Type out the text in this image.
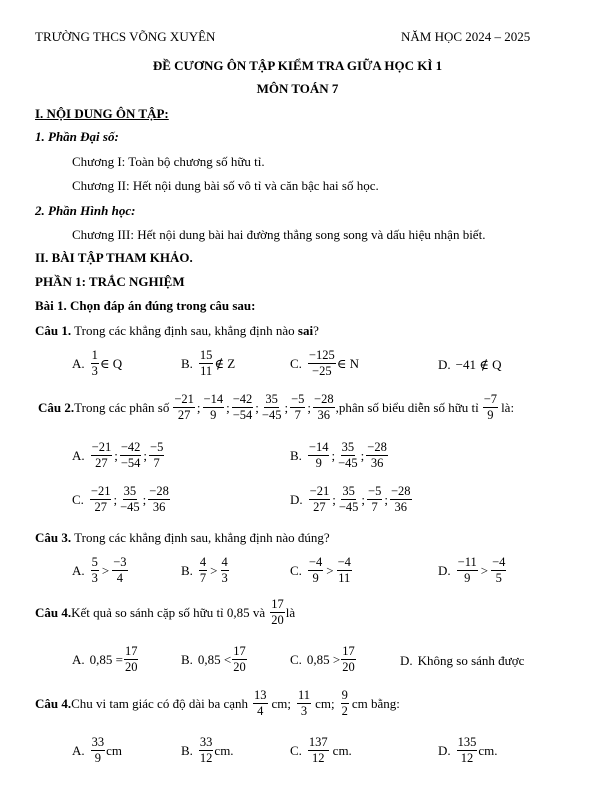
TRƯỜNG THCS VÕNG XUYÊN	NĂM HỌC 2024 – 2025
ĐỀ CƯƠNG ÔN TẬP KIỂM TRA GIỮA HỌC KÌ 1
MÔN TOÁN 7
I. NỘI DUNG ÔN TẬP:
1. Phần Đại số:
Chương I: Toàn bộ chương số hữu tỉ.
Chương II: Hết nội dung bài số vô tỉ và căn bậc hai số học.
2. Phần Hình học:
Chương III: Hết nội dung bài hai đường thẳng song song và dấu hiệu nhận biết.
II. BÀI TẬP THAM KHẢO.
PHẦN 1: TRẮC NGHIỆM
Bài 1. Chọn đáp án đúng trong câu sau:
Câu 1. Trong các khẳng định sau, khẳng định nào sai?
A. $\frac{1}{3}$ ∈ Q	B. $\frac{15}{11}$ ∉ Z	C. $\frac{-125}{-25}$ ∈ N	D. −41 ∉ Q
Câu 2. Trong các phân số $\frac{-21}{27}$ ; $\frac{-14}{9}$ ; $\frac{-42}{-54}$ ; $\frac{35}{-45}$ ; $\frac{-5}{7}$ ; $\frac{-28}{36}$ ,phân số biểu diễn số hữu tỉ $\frac{-7}{9}$ là:
A. $\frac{-21}{27}$ ; $\frac{-42}{-54}$ ; $\frac{-5}{7}$	B. $\frac{-14}{9}$ ; $\frac{35}{-45}$ ; $\frac{-28}{36}$
C. $\frac{-21}{27}$ ; $\frac{35}{-45}$ ; $\frac{-28}{36}$	D. $\frac{-21}{27}$ ; $\frac{35}{-45}$ ; $\frac{-5}{7}$ ; $\frac{-28}{36}$
Câu 3. Trong các khẳng định sau, khẳng định nào đúng?
A. $\frac{5}{3} > \frac{-3}{4}$	B. $\frac{4}{7} > \frac{4}{3}$	C. $\frac{-4}{9} > \frac{-4}{11}$	D. $\frac{-11}{9} > \frac{-4}{5}$
Câu 4. Kết quả so sánh cặp số hữu tỉ 0,85 và $\frac{17}{20}$ là
A. $0,85 = \frac{17}{20}$	B. $0,85 < \frac{17}{20}$	C. $0,85 > \frac{17}{20}$	D. Không so sánh được
Câu 4. Chu vi tam giác có độ dài ba cạnh $\frac{13}{4}$ cm; $\frac{11}{3}$ cm; $\frac{9}{2}$ cm bằng:
A. $\frac{33}{9}$ cm	B. $\frac{33}{12}$ cm.	C. $\frac{137}{12}$ cm.	D. $\frac{135}{12}$ cm.
